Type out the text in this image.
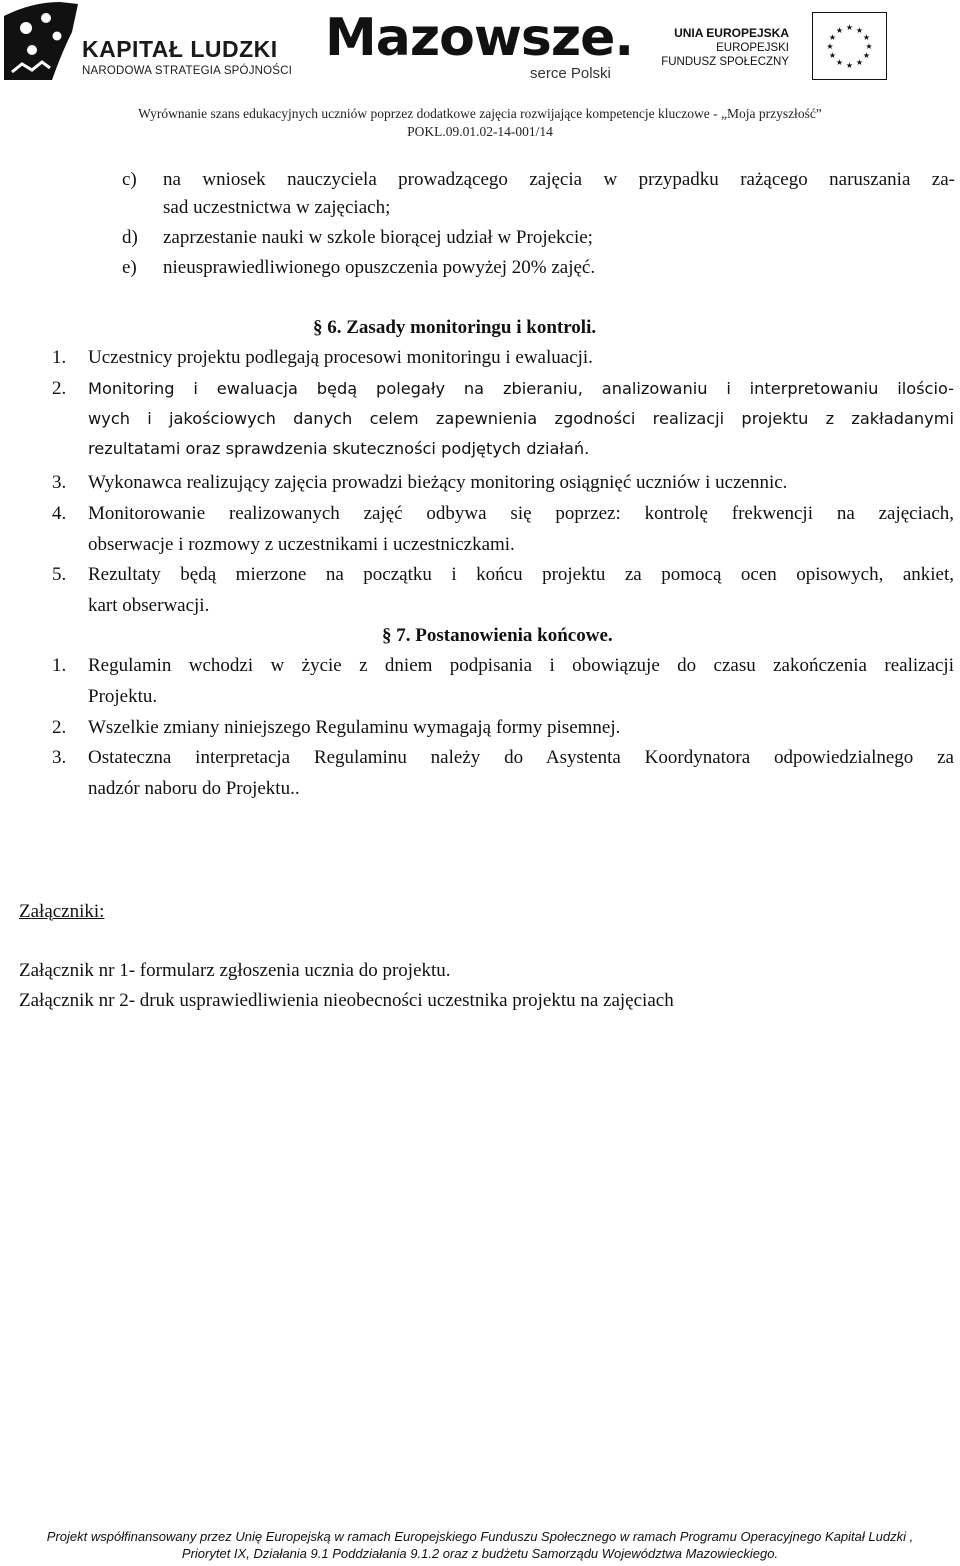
KAPITAŁ LUDZKI
NARODOWA STRATEGIA SPÓJNOŚCI
Mazowsze.
serce Polski
UNIA EUROPEJSKA
EUROPEJSKI
FUNDUSZ SPOŁECZNY
★ ★
★
★
★
★
★
★
★
★
★
★
Wyrównanie szans edukacyjnych uczniów poprzez dodatkowe zajęcia rozwijające kompetencje kluczowe - „Moja przyszłość”
POKL.09.01.02-14-001/14
c) na wniosek nauczyciela prowadzącego zajęcia w przypadku rażącego naruszania za-
sad uczestnictwa w zajęciach;
d) zaprzestanie nauki w szkole biorącej udział w Projekcie;
e) nieusprawiedliwionego opuszczenia powyżej 20% zajęć.
§ 6. Zasady monitoringu i kontroli.
1. Uczestnicy projektu podlegają procesowi monitoringu i ewaluacji.
2. Monitoring i ewaluacja będą polegały na zbieraniu, analizowaniu i interpretowaniu ilościo-
wych i jakościowych danych celem zapewnienia zgodności realizacji projektu z zakładanymi
rezultatami oraz sprawdzenia skuteczności podjętych działań.
3. Wykonawca realizujący zajęcia prowadzi bieżący monitoring osiągnięć uczniów i uczennic.
4. Monitorowanie realizowanych zajęć odbywa się poprzez: kontrolę frekwencji na zajęciach,
obserwacje i rozmowy z uczestnikami i uczestniczkami.
5. Rezultaty będą mierzone na początku i końcu projektu za pomocą ocen opisowych, ankiet,
kart obserwacji.
§ 7. Postanowienia końcowe.
1. Regulamin wchodzi w życie z dniem podpisania i obowiązuje do czasu zakończenia realizacji
Projektu.
2. Wszelkie zmiany niniejszego Regulaminu wymagają formy pisemnej.
3. Ostateczna interpretacja Regulaminu należy do Asystenta Koordynatora odpowiedzialnego za
nadzór naboru do Projektu..
Załączniki:
Załącznik nr 1- formularz zgłoszenia ucznia do projektu.
Załącznik nr 2- druk usprawiedliwienia nieobecności uczestnika projektu na zajęciach
Projekt współfinansowany przez Unię Europejską w ramach Europejskiego Funduszu Społecznego w ramach Programu Operacyjnego Kapitał Ludzki ,
Priorytet IX, Działania 9.1 Poddziałania 9.1.2 oraz z budżetu Samorządu Województwa Mazowieckiego.
